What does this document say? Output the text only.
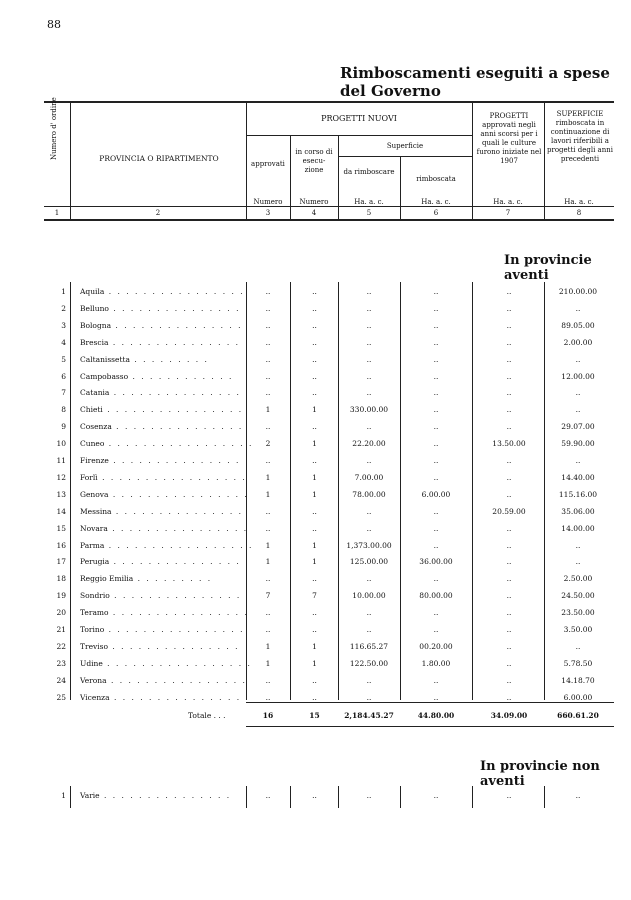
88
Rimboscamenti eseguiti a spese del Governo
Numero d' ordine	PROVINCIA O RIPARTIMENTO
PROGETTI NUOVI
approvati
in corso di esecu- zione
Superficie
da rimboscare
rimboscata
PROGETTI approvati negli anni scorsi per i quali le culture furono iniziate nel 1907
SUPERFICIE rimboscata in continuazione di lavori riferibili a progetti degli anni precedenti
Numero	Numero	Ha. a. c.	Ha. a. c.	Ha. a. c.	Ha. a. c.
1	2	3	4	5	6	7	8
In provincie aventi
1 Aquila . . . . . . . . . . . . . . . .	..	..	..	..	..	210.00.00
2 Belluno . . . . . . . . . . . . . . .	..	..	..	..	..	..
3 Bologna . . . . . . . . . . . . . . .	..	..	..	..	..	89.05.00
4 Brescia . . . . . . . . . . . . . . .	..	..	..	..	..	2.00.00
5 Caltanissetta . . . . . . . . .	..	..	..	..	..	..
6 Campobasso . . . . . . . . . . . .	..	..	..	..	..	12.00.00
7 Catania . . . . . . . . . . . . . . .	..	..	..	..	..	..
8 Chieti . . . . . . . . . . . . . . . .	1	1	330.00.00	..	..	..
9 Cosenza . . . . . . . . . . . . . . .	..	..	..	..	..	29.07.00
10 Cuneo . . . . . . . . . . . . . . . . .	2	1	22.20.00	..	13.50.00	59.90.00
11 Firenze . . . . . . . . . . . . . . .	..	..	..	..	..	..
12 Forlì . . . . . . . . . . . . . . . . .	1	1	7.00.00	..	..	14.40.00
13 Genova . . . . . . . . . . . . . . . .	1	1	78.00.00	6.00.00	..	115.16.00
14 Messina . . . . . . . . . . . . . . .	..	..	..	..	20.59.00	35.06.00
15 Novara . . . . . . . . . . . . . . . .	..	..	..	..	..	14.00.00
16 Parma . . . . . . . . . . . . . . . . .	1	1	1,373.00.00	..	..	..
17 Perugia . . . . . . . . . . . . . . .	1	1	125.00.00	36.00.00	..	..
18 Reggio Emilia . . . . . . . . .	..	..	..	..	..	2.50.00
19 Sondrio . . . . . . . . . . . . . . .	7	7	10.00.00	80.00.00	..	24.50.00
20 Teramo . . . . . . . . . . . . . . . .	..	..	..	..	..	23.50.00
21 Torino . . . . . . . . . . . . . . . .	..	..	..	..	..	3.50.00
22 Treviso . . . . . . . . . . . . . . .	1	1	116.65.27	00.20.00	..	..
23 Udine . . . . . . . . . . . . . . . . .	1	1	122.50.00	1.80.00	..	5.78.50
24 Verona . . . . . . . . . . . . . . . .	..	..	..	..	..	14.18.70
25 Vicenza . . . . . . . . . . . . . . .	..	..	..	..	..	6.00.00
Totale . . .	16	15	2,184.45.27	44.80.00	34.09.00	660.61.20
In provincie non aventi
1 Varie . . . . . . . . . . . . . . .	..	..	..	..	..	..
